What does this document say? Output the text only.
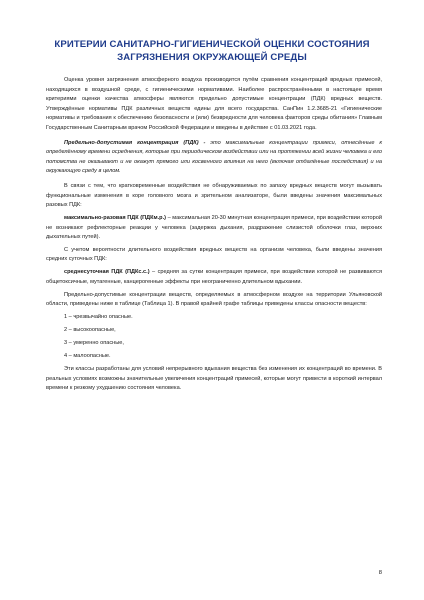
КРИТЕРИИ САНИТАРНО-ГИГИЕНИЧЕСКОЙ ОЦЕНКИ СОСТОЯНИЯ
ЗАГРЯЗНЕНИЯ ОКРУЖАЮЩЕЙ СРЕДЫ

Оценка уровня загрязнения атмосферного воздуха производится путём сравнения концентраций вредных примесей, находящихся в воздушной среде, с гигиеническими нормативами. Наиболее распространёнными в настоящее время критериями оценки качества атмосферы являются предельно допустимые концентрации (ПДК) вредных веществ. Утверждённые нормативы ПДК различных веществ едины для всего государства. СанПин 1.2.3685-21 «Гигиенические нормативы и требования к обеспечению безопасности и (или) безвредности для человека факторов среды обитания» Главным Государственным Санитарным врачом Российской Федерации и введены в действие с 01.03.2021 года.

Предельно-допустимая концентрация (ПДК) - это максимальные концентрации примеси, отнесённые к определённому времени осреднения, которые при периодическом воздействии или на протяжении всей жизни человека и его потомства не оказывают и не окажут прямого или косвенного влияния на него (включая отдалённые последствия) и на окружающую среду в целом.

В связи с тем, что кратковременные воздействия не обнаруживаемых по запаху вредных веществ могут вызывать функциональные изменения в коре головного мозга и зрительном анализаторе, были введены значения максимальных разовых ПДК:

максимально-разовая ПДК (ПДКм.р.) – максимальная 20-30 минутная концентрация примеси, при воздействии которой не возникают рефлекторные реакции у человека (задержка дыхания, раздражение слизистой оболочки глаз, верхних дыхательных путей).

С учетом вероятности длительного воздействия вредных веществ на организм человека, были введены значения средних суточных ПДК:

среднесуточная ПДК (ПДКс.с.) – средняя за сутки концентрация примеси, при воздействии которой не развиваются общетоксичные, мутагенные, канцерогенные эффекты при неограниченно длительном вдыхании.

Предельно-допустимые концентрации веществ, определяемых в атмосферном воздухе на территории Ульяновской области, приведены ниже в таблице (Таблица 1). В правой крайней графе таблицы приведены классы опасности веществ:

1 – чрезвычайно опасные.
2 – высокоопасные,
3 – умеренно опасные,
4 – малоопасные.

Эти классы разработаны для условий непрерывного вдыхания вещества без изменения их концентраций во времени. В реальных условиях возможны значительные увеличения концентраций примесей, которые могут привести в короткий интервал времени к резкому ухудшению состояния человека.

8
